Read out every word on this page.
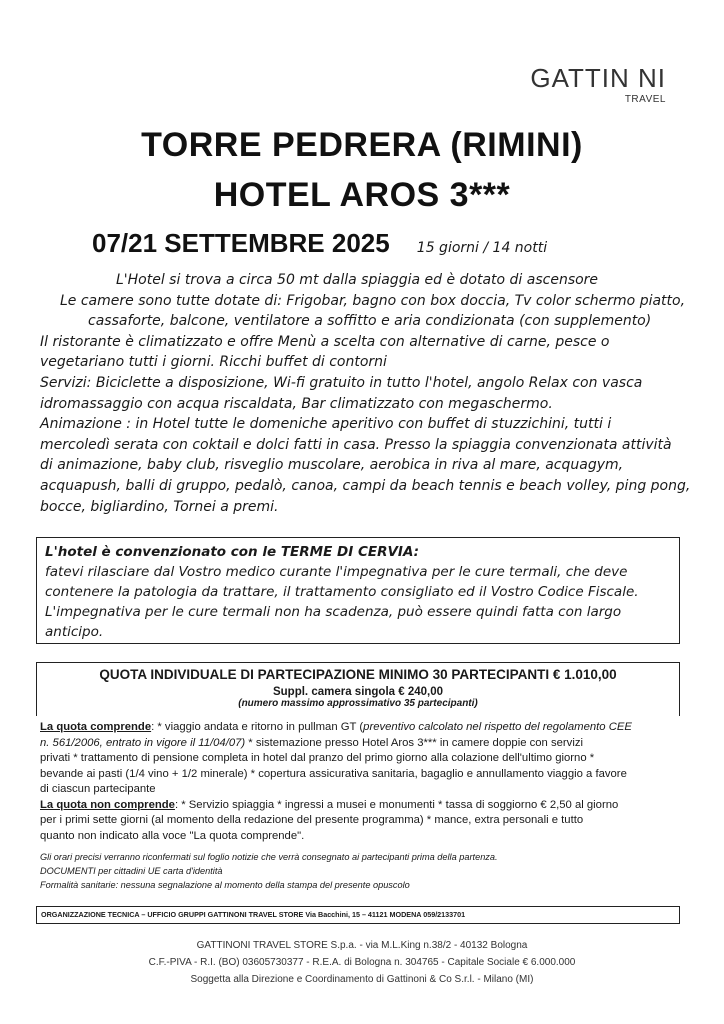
GATTIN NI
TRAVEL
TORRE PEDRERA (RIMINI)
HOTEL AROS 3***
07/21 SETTEMBRE 2025 15 giorni / 14 notti

L'Hotel si trova a circa 50 mt dalla spiaggia ed è dotato di ascensore

Le camere sono tutte dotate di: Frigobar, bagno con box doccia, Tv color schermo piatto,

cassaforte, balcone, ventilatore a soffitto e aria condizionata (con supplemento)

Il ristorante è climatizzato e offre Menù a scelta con alternative di carne, pesce o

vegetariano tutti i giorni. Ricchi buffet di contorni

Servizi: Biciclette a disposizione, Wi-fi gratuito in tutto l'hotel, angolo Relax con vasca

idromassaggio con acqua riscaldata, Bar climatizzato con megaschermo.

Animazione : in Hotel tutte le domeniche aperitivo con buffet di stuzzichini, tutti i

mercoledì serata con coktail e dolci fatti in casa. Presso la spiaggia convenzionata attività

di animazione, baby club, risveglio muscolare, aerobica in riva al mare, acquagym,

acquapush, balli di gruppo, pedalò, canoa, campi da beach tennis e beach volley, ping pong,

bocce, bigliardino, Tornei a premi.

L'hotel è convenzionato con le TERME DI CERVIA:

fatevi rilasciare dal Vostro medico curante l'impegnativa per le cure termali, che deve

contenere la patologia da trattare, il trattamento consigliato ed il Vostro Codice Fiscale.

L'impegnativa per le cure termali non ha scadenza, può essere quindi fatta con largo

anticipo.

QUOTA INDIVIDUALE DI PARTECIPAZIONE MINIMO 30 PARTECIPANTI € 1.010,00
Suppl. camera singola € 240,00
(numero massimo approssimativo 35 partecipanti)

La quota comprende: * viaggio andata e ritorno in pullman GT (preventivo calcolato nel rispetto del regolamento CEE

n. 561/2006, entrato in vigore il 11/04/07) * sistemazione presso Hotel Aros 3*** in camere doppie con servizi

privati * trattamento di pensione completa in hotel dal pranzo del primo giorno alla colazione dell'ultimo giorno *

bevande ai pasti (1/4 vino + 1/2 minerale) * copertura assicurativa sanitaria, bagaglio e annullamento viaggio a favore

di ciascun partecipante

La quota non comprende: * Servizio spiaggia * ingressi a musei e monumenti * tassa di soggiorno € 2,50 al giorno

per i primi sette giorni (al momento della redazione del presente programma) * mance, extra personali e tutto

quanto non indicato alla voce "La quota comprende".

Gli orari precisi verranno riconfermati sul foglio notizie che verrà consegnato ai partecipanti prima della partenza.

DOCUMENTI per cittadini UE carta d'identità

Formalità sanitarie: nessuna segnalazione al momento della stampa del presente opuscolo

ORGANIZZAZIONE TECNICA – UFFICIO GRUPPI GATTINONI TRAVEL STORE Via Bacchini, 15 – 41121 MODENA 059/2133701

GATTINONI TRAVEL STORE S.p.a. - via M.L.King n.38/2 - 40132 Bologna

C.F.-PIVA - R.I. (BO) 03605730377 - R.E.A. di Bologna n. 304765 - Capitale Sociale € 6.000.000

Soggetta alla Direzione e Coordinamento di Gattinoni & Co S.r.l. - Milano (MI)
